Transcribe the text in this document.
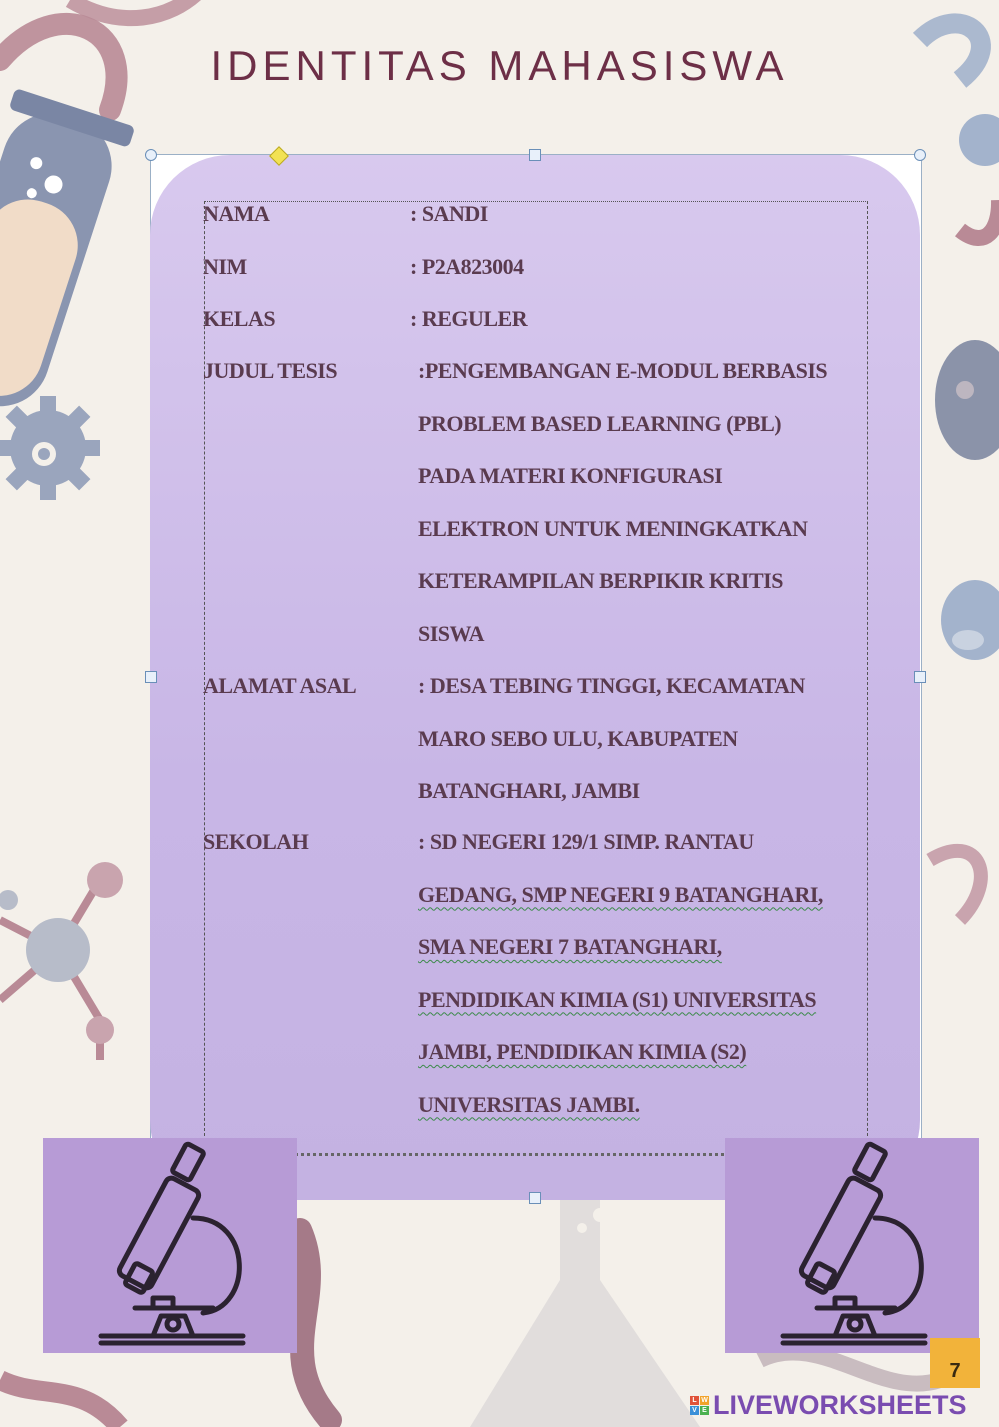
IDENTITAS MAHASISWA
NAMA	: SANDI
NIM	: P2A823004
KELAS	: REGULER
JUDUL TESIS	:PENGEMBANGAN E-MODUL BERBASIS
PROBLEM BASED LEARNING (PBL)
PADA MATERI KONFIGURASI
ELEKTRON UNTUK MENINGKATKAN
KETERAMPILAN BERPIKIR KRITIS
SISWA
ALAMAT ASAL	: DESA TEBING TINGGI, KECAMATAN
MARO SEBO ULU, KABUPATEN
BATANGHARI, JAMBI
SEKOLAH	: SD NEGERI 129/1 SIMP. RANTAU
GEDANG, SMP NEGERI 9 BATANGHARI,
SMA NEGERI 7 BATANGHARI,
PENDIDIKAN KIMIA (S1) UNIVERSITAS
JAMBI, PENDIDIKAN KIMIA (S2)
UNIVERSITAS JAMBI.
7
L W
V E LIVEWORKSHEETS
